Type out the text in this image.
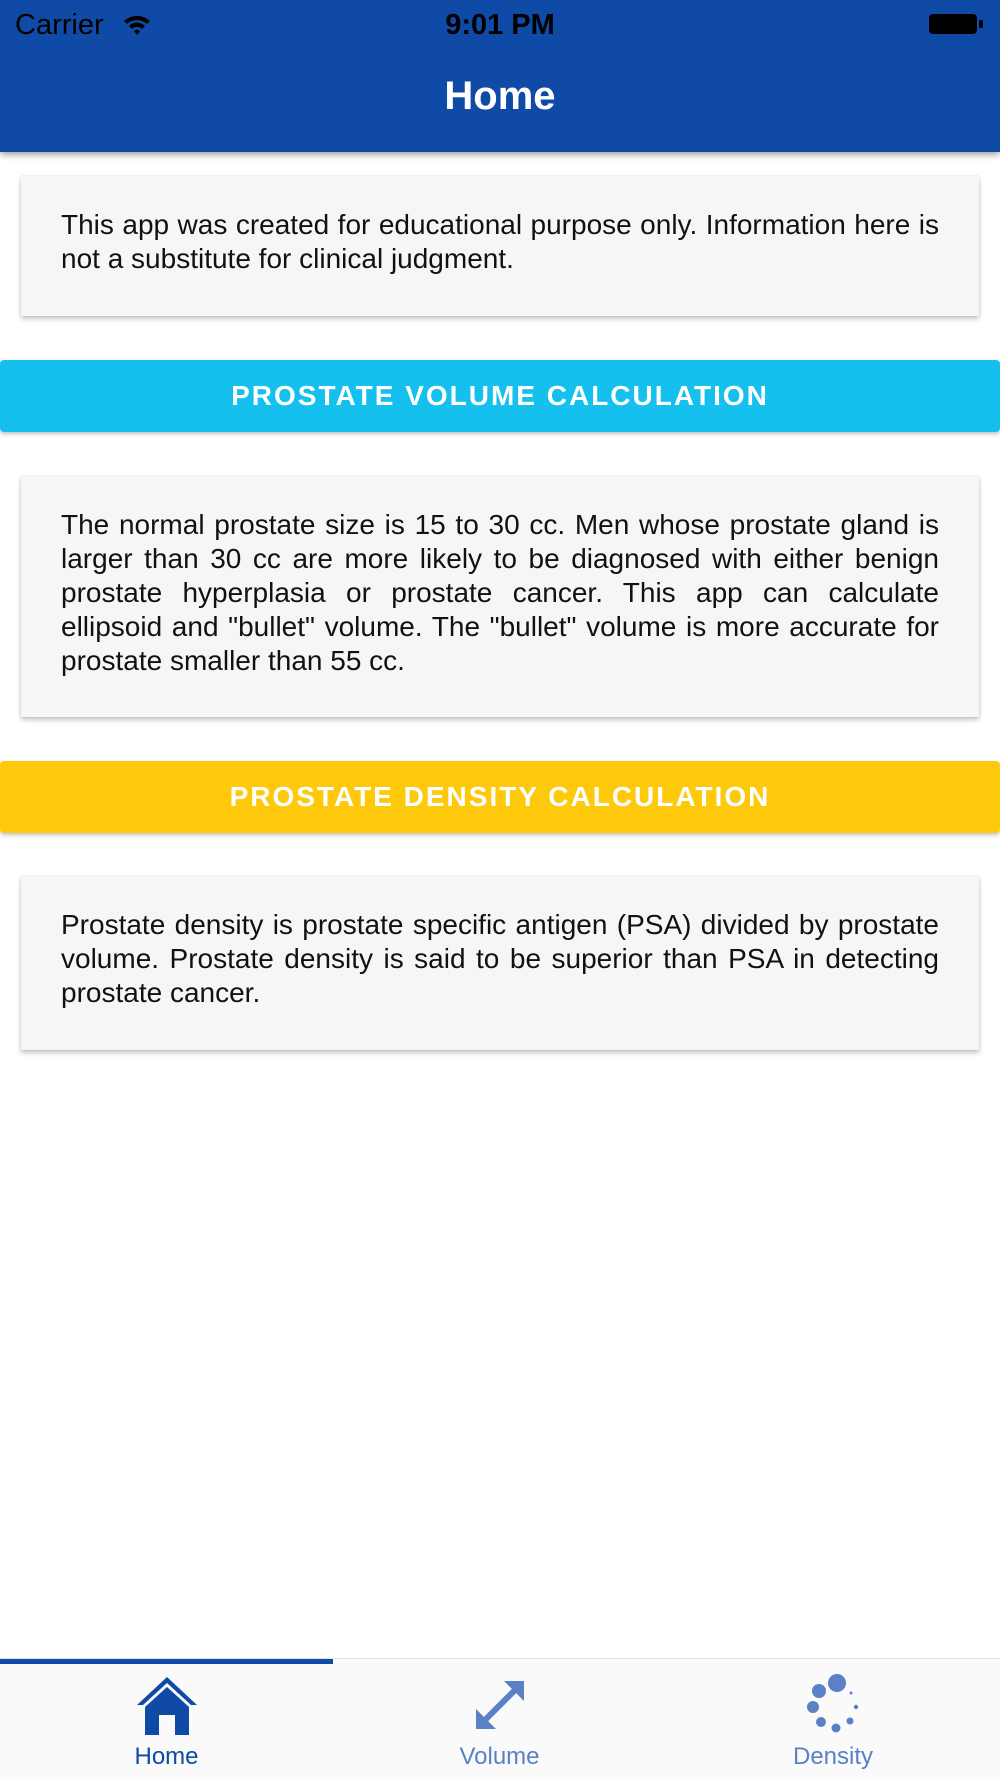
Carrier	9:01 PM
Home
This app was created for educational purpose only. Information here is not a substitute for clinical judgment.
PROSTATE VOLUME CALCULATION
The normal prostate size is 15 to 30 cc. Men whose prostate gland is larger than 30 cc are more likely to be diagnosed with either benign prostate hyperplasia or prostate cancer. This app can calculate ellipsoid and "bullet" volume. The "bullet" volume is more accurate for prostate smaller than 55 cc.
PROSTATE DENSITY CALCULATION
Prostate density is prostate specific antigen (PSA) divided by prostate volume. Prostate density is said to be superior than PSA in detecting prostate cancer.
Home	Volume	Density
